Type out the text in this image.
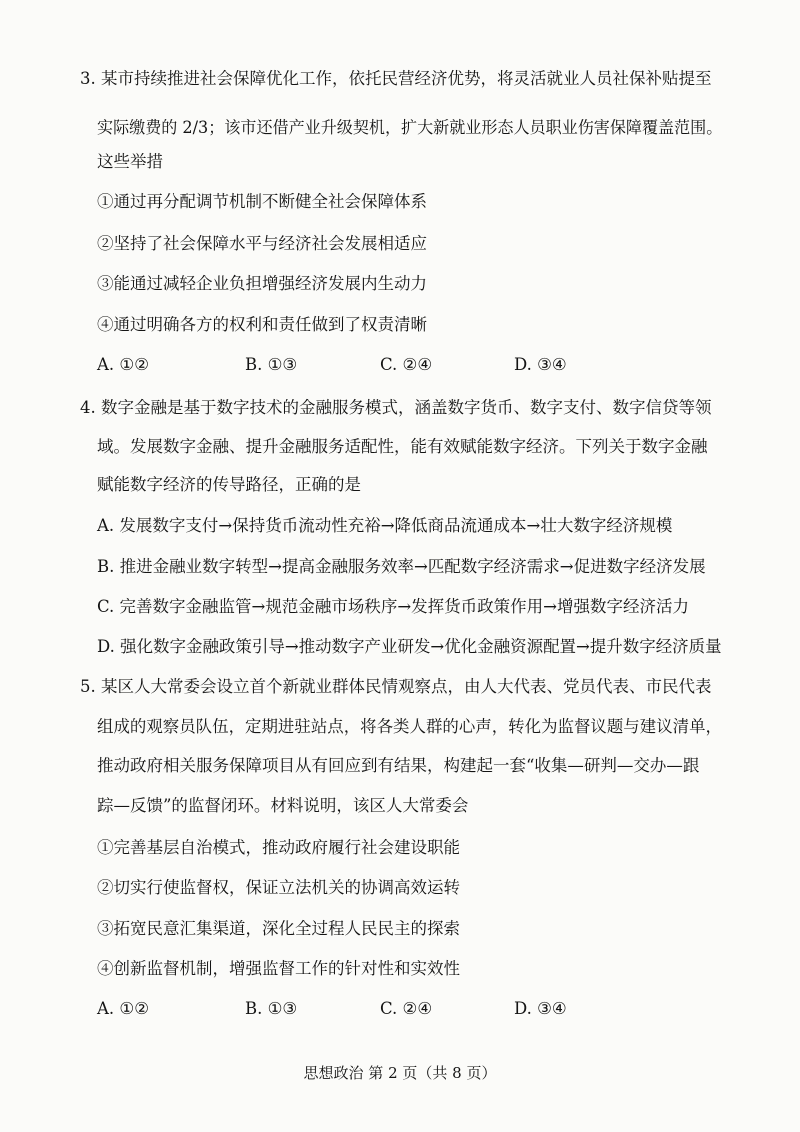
3. 某市持续推进社会保障优化工作，依托民营经济优势，将灵活就业人员社保补贴提至
实际缴费的 2/3；该市还借产业升级契机，扩大新就业形态人员职业伤害保障覆盖范围。
这些举措
①通过再分配调节机制不断健全社会保障体系
②坚持了社会保障水平与经济社会发展相适应
③能通过减轻企业负担增强经济发展内生动力
④通过明确各方的权利和责任做到了权责清晰
A. ①②	B. ①③	C. ②④	D. ③④
4. 数字金融是基于数字技术的金融服务模式，涵盖数字货币、数字支付、数字信贷等领
域。发展数字金融、提升金融服务适配性，能有效赋能数字经济。下列关于数字金融
赋能数字经济的传导路径，正确的是
A. 发展数字支付→保持货币流动性充裕→降低商品流通成本→壮大数字经济规模
B. 推进金融业数字转型→提高金融服务效率→匹配数字经济需求→促进数字经济发展
C. 完善数字金融监管→规范金融市场秩序→发挥货币政策作用→增强数字经济活力
D. 强化数字金融政策引导→推动数字产业研发→优化金融资源配置→提升数字经济质量
5. 某区人大常委会设立首个新就业群体民情观察点，由人大代表、党员代表、市民代表
组成的观察员队伍，定期进驻站点，将各类人群的心声，转化为监督议题与建议清单，
推动政府相关服务保障项目从有回应到有结果，构建起一套“收集—研判—交办—跟
踪—反馈”的监督闭环。材料说明，该区人大常委会
①完善基层自治模式，推动政府履行社会建设职能
②切实行使监督权，保证立法机关的协调高效运转
③拓宽民意汇集渠道，深化全过程人民民主的探索
④创新监督机制，增强监督工作的针对性和实效性
A. ①②	B. ①③	C. ②④	D. ③④
思想政治 第 2 页（共 8 页）
